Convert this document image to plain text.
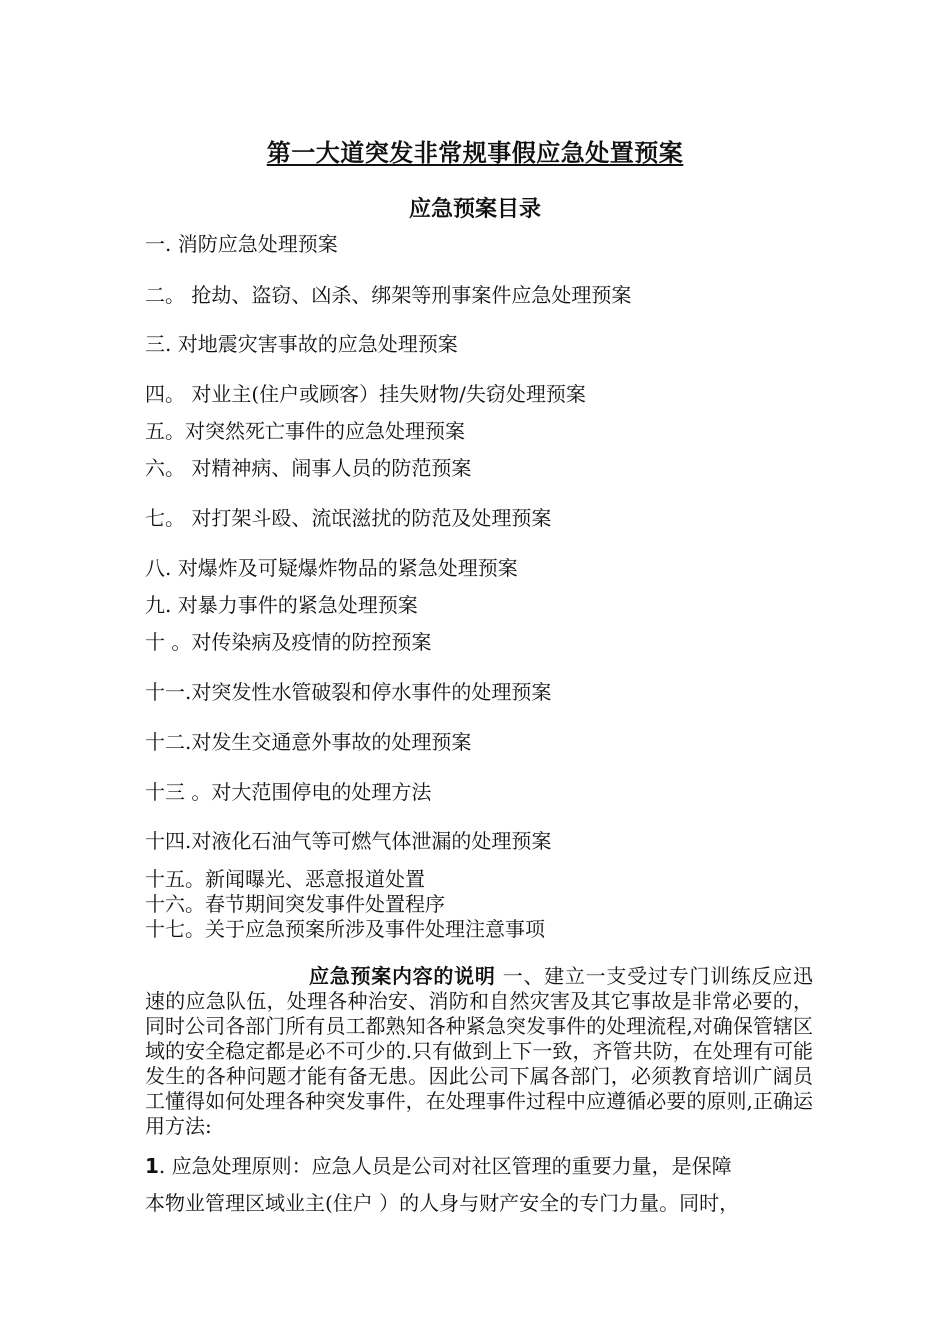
第一大道突发非常规事假应急处置预案
应急预案目录
一. 消防应急处理预案
二。 抢劫、盗窃、凶杀、绑架等刑事案件应急处理预案
三. 对地震灾害事故的应急处理预案
四。 对业主(住户或顾客）挂失财物/失窃处理预案
五。对突然死亡事件的应急处理预案
六。 对精神病、闹事人员的防范预案
七。 对打架斗殴、流氓滋扰的防范及处理预案
八. 对爆炸及可疑爆炸物品的紧急处理预案
九. 对暴力事件的紧急处理预案
十 。对传染病及疫情的防控预案
十一.对突发性水管破裂和停水事件的处理预案
十二.对发生交通意外事故的处理预案
十三 。对大范围停电的处理方法
十四.对液化石油气等可燃气体泄漏的处理预案
十五。新闻曝光、恶意报道处置
十六。春节期间突发事件处置程序
十七。关于应急预案所涉及事件处理注意事项
应急预案内容的说明 一、建立一支受过专门训练反应迅速的应急队伍，处理各种治安、消防和自然灾害及其它事故是非常必要的，同时公司各部门所有员工都熟知各种紧急突发事件的处理流程,对确保管辖区域的安全稳定都是必不可少的.只有做到上下一致，齐管共防，在处理有可能发生的各种问题才能有备无患。因此公司下属各部门，必须教育培训广阔员工懂得如何处理各种突发事件，在处理事件过程中应遵循必要的原则,正确运用方法:
1. 应急处理原则：应急人员是公司对社区管理的重要力量，是保障
本物业管理区域业主(住户 ）的人身与财产安全的专门力量。同时，
